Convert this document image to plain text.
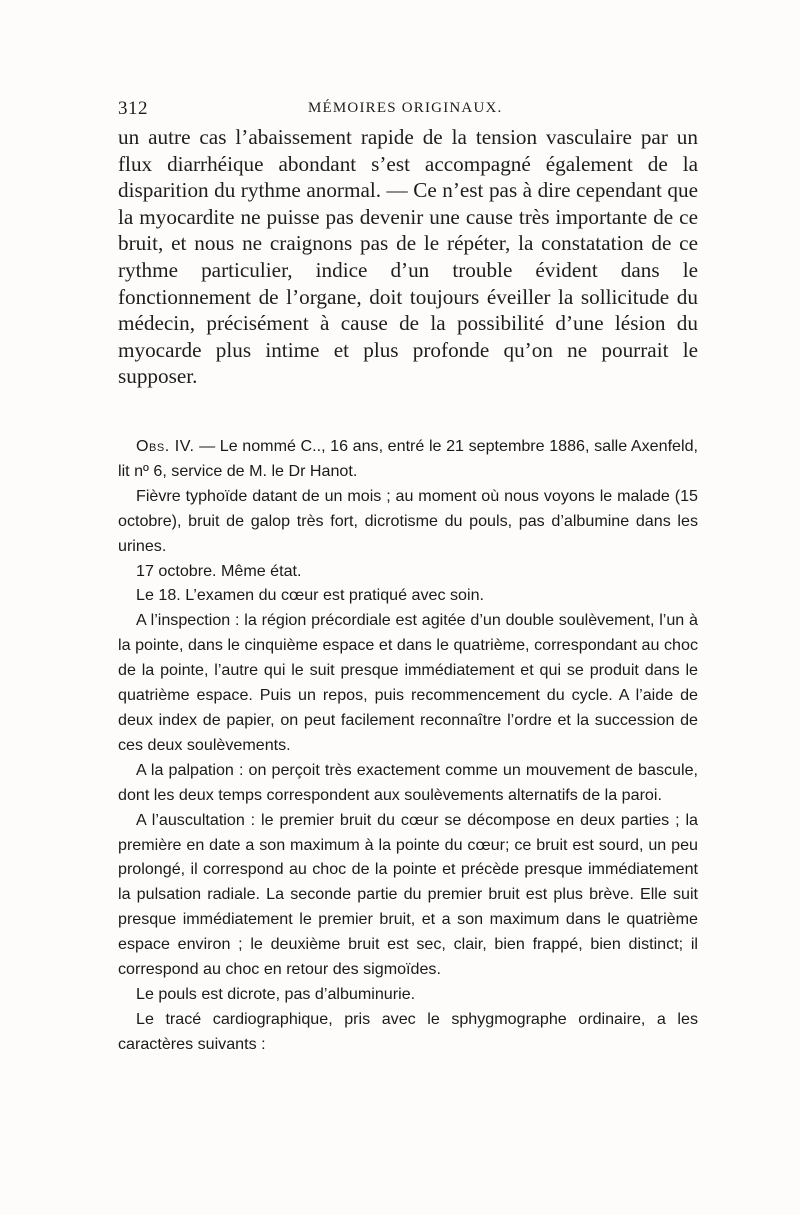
312	MÉMOIRES ORIGINAUX.

un autre cas l’abaissement rapide de la tension vasculaire par un flux diarrhéique abondant s’est accompagné également de la disparition du rythme anormal. — Ce n’est pas à dire cependant que la myocardite ne puisse pas devenir une cause très importante de ce bruit, et nous ne craignons pas de le répéter, la constatation de ce rythme particulier, indice d’un trouble évident dans le fonctionnement de l’organe, doit toujours éveiller la sollicitude du médecin, précisément à cause de la possibilité d’une lésion du myocarde plus intime et plus profonde qu’on ne pourrait le supposer.

Obs. IV. — Le nommé C.., 16 ans, entré le 21 septembre 1886, salle Axenfeld, lit nº 6, service de M. le Dr Hanot.

Fièvre typhoïde datant de un mois ; au moment où nous voyons le malade (15 octobre), bruit de galop très fort, dicrotisme du pouls, pas d’albumine dans les urines.

17 octobre. Même état.

Le 18. L’examen du cœur est pratiqué avec soin.

A l’inspection : la région précordiale est agitée d’un double soulèvement, l’un à la pointe, dans le cinquième espace et dans le quatrième, correspondant au choc de la pointe, l’autre qui le suit presque immédiatement et qui se produit dans le quatrième espace. Puis un repos, puis recommencement du cycle. A l’aide de deux index de papier, on peut facilement reconnaître l’ordre et la succession de ces deux soulèvements.

A la palpation : on perçoit très exactement comme un mouvement de bascule, dont les deux temps correspondent aux soulèvements alternatifs de la paroi.

A l’auscultation : le premier bruit du cœur se décompose en deux parties ; la première en date a son maximum à la pointe du cœur; ce bruit est sourd, un peu prolongé, il correspond au choc de la pointe et précède presque immédiatement la pulsation radiale. La seconde partie du premier bruit est plus brève. Elle suit presque immédiatement le premier bruit, et a son maximum dans le quatrième espace environ ; le deuxième bruit est sec, clair, bien frappé, bien distinct; il correspond au choc en retour des sigmoïdes.

Le pouls est dicrote, pas d’albuminurie.

Le tracé cardiographique, pris avec le sphygmographe ordinaire, a les caractères suivants :
